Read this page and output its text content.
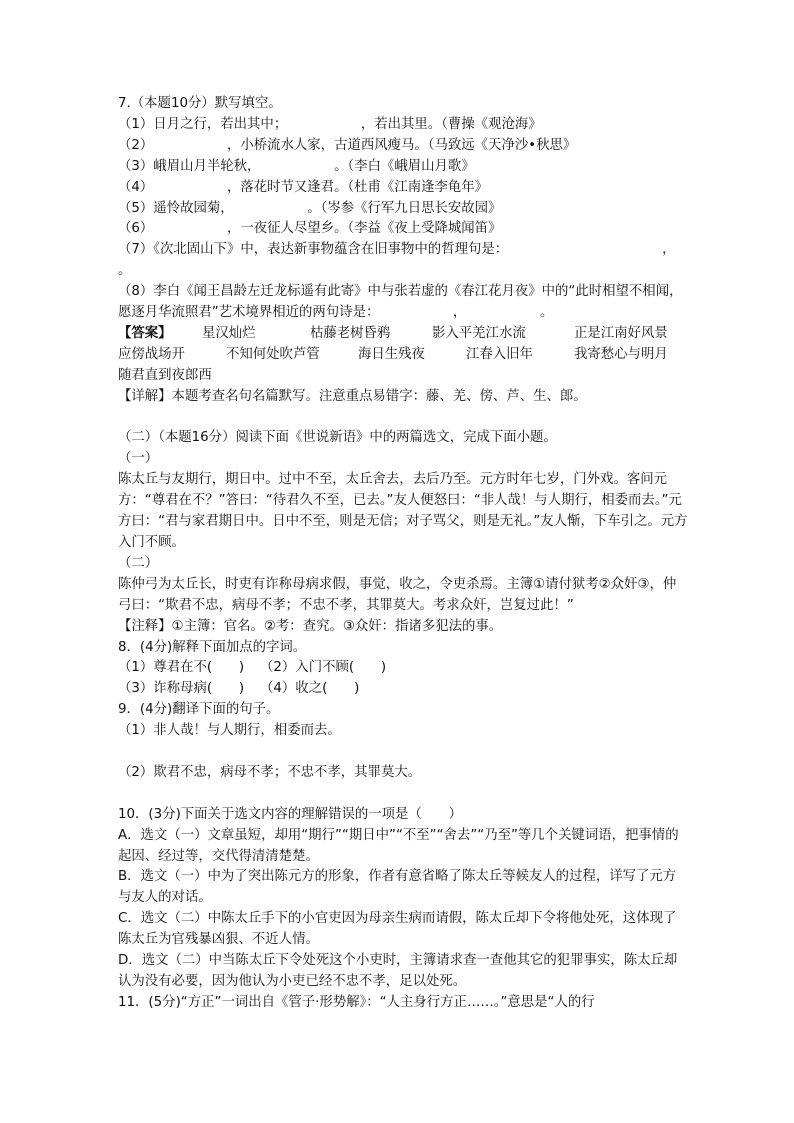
7.（本题10分）默写填空。
（1）日月之行，若出其中；　　　　　　，若出其里。（曹操《观沧海》
（2）　　　　　　，小桥流水人家，古道西风瘦马。（马致远《天净沙•秋思》
（3）峨眉山月半轮秋，　　　　　　。（李白《峨眉山月歌》
（4）　　　　　　，落花时节又逢君。（杜甫《江南逢李龟年》
（5）遥怜故园菊，　　　　　　。（岑参《行军九日思长安故园》
（6）　　　　　　，一夜征人尽望乡。（李益《夜上受降城闻笛》
（7）《次北固山下》中，表达新事物蕴含在旧事物中的哲理句是：　　　　　　　　　　　　，
。
（8）李白《闻王昌龄左迁龙标遥有此寄》中与张若虚的《春江花月夜》中的“此时相望不相闻，愿逐月华流照君”艺术境界相近的两句诗是：　　　　　　，　　　　　　。
【答案】	星汉灿烂	枯藤老树昏鸦	影入平羌江水流	正是江南好风景
应傍战场开	不知何处吹芦管	海日生残夜	江春入旧年	我寄愁心与明月
随君直到夜郎西
【详解】本题考查名句名篇默写。注意重点易错字：藤、羌、傍、芦、生、郎。
（二）（本题16分）阅读下面《世说新语》中的两篇选文，完成下面小题。
（一）
陈太丘与友期行，期日中。过中不至，太丘舍去，去后乃至。元方时年七岁，门外戏。客问元方：“尊君在不？”答曰：“待君久不至，已去。”友人便怒曰：“非人哉！与人期行，相委而去。”元方曰：“君与家君期日中。日中不至，则是无信；对子骂父，则是无礼。”友人惭，下车引之。元方入门不顾。
（二）
陈仲弓为太丘长，时吏有诈称母病求假，事觉，收之，令吏杀焉。主簿①请付狱考②众奸③，仲弓曰：“欺君不忠，病母不孝；不忠不孝，其罪莫大。考求众奸，岂复过此！”
【注释】①主簿：官名。②考：查究。③众奸：指诸多犯法的事。
8．(4分)解释下面加点的字词。
（1）尊君在不(　　) （2）入门不顾(　　)
（3）诈称母病(　　) （4）收之(　　)
9．(4分)翻译下面的句子。
（1）非人哉！与人期行，相委而去。
（2）欺君不忠，病母不孝；不忠不孝，其罪莫大。
10．(3分)下面关于选文内容的理解错误的一项是（　　）
A．选文（一）文章虽短，却用“期行”“期日中”“不至”“舍去”“乃至”等几个关键词语，把事情的起因、经过等，交代得清清楚楚。
B．选文（一）中为了突出陈元方的形象，作者有意省略了陈太丘等候友人的过程，详写了元方与友人的对话。
C．选文（二）中陈太丘手下的小官吏因为母亲生病而请假，陈太丘却下令将他处死，这体现了陈太丘为官残暴凶狠、不近人情。
D．选文（二）中当陈太丘下令处死这个小吏时，主簿请求查一查他其它的犯罪事实，陈太丘却认为没有必要，因为他认为小吏已经不忠不孝，足以处死。
11．(5分)“方正”一词出自《管子·形势解》：“人主身行方正……。”意思是“人的行
